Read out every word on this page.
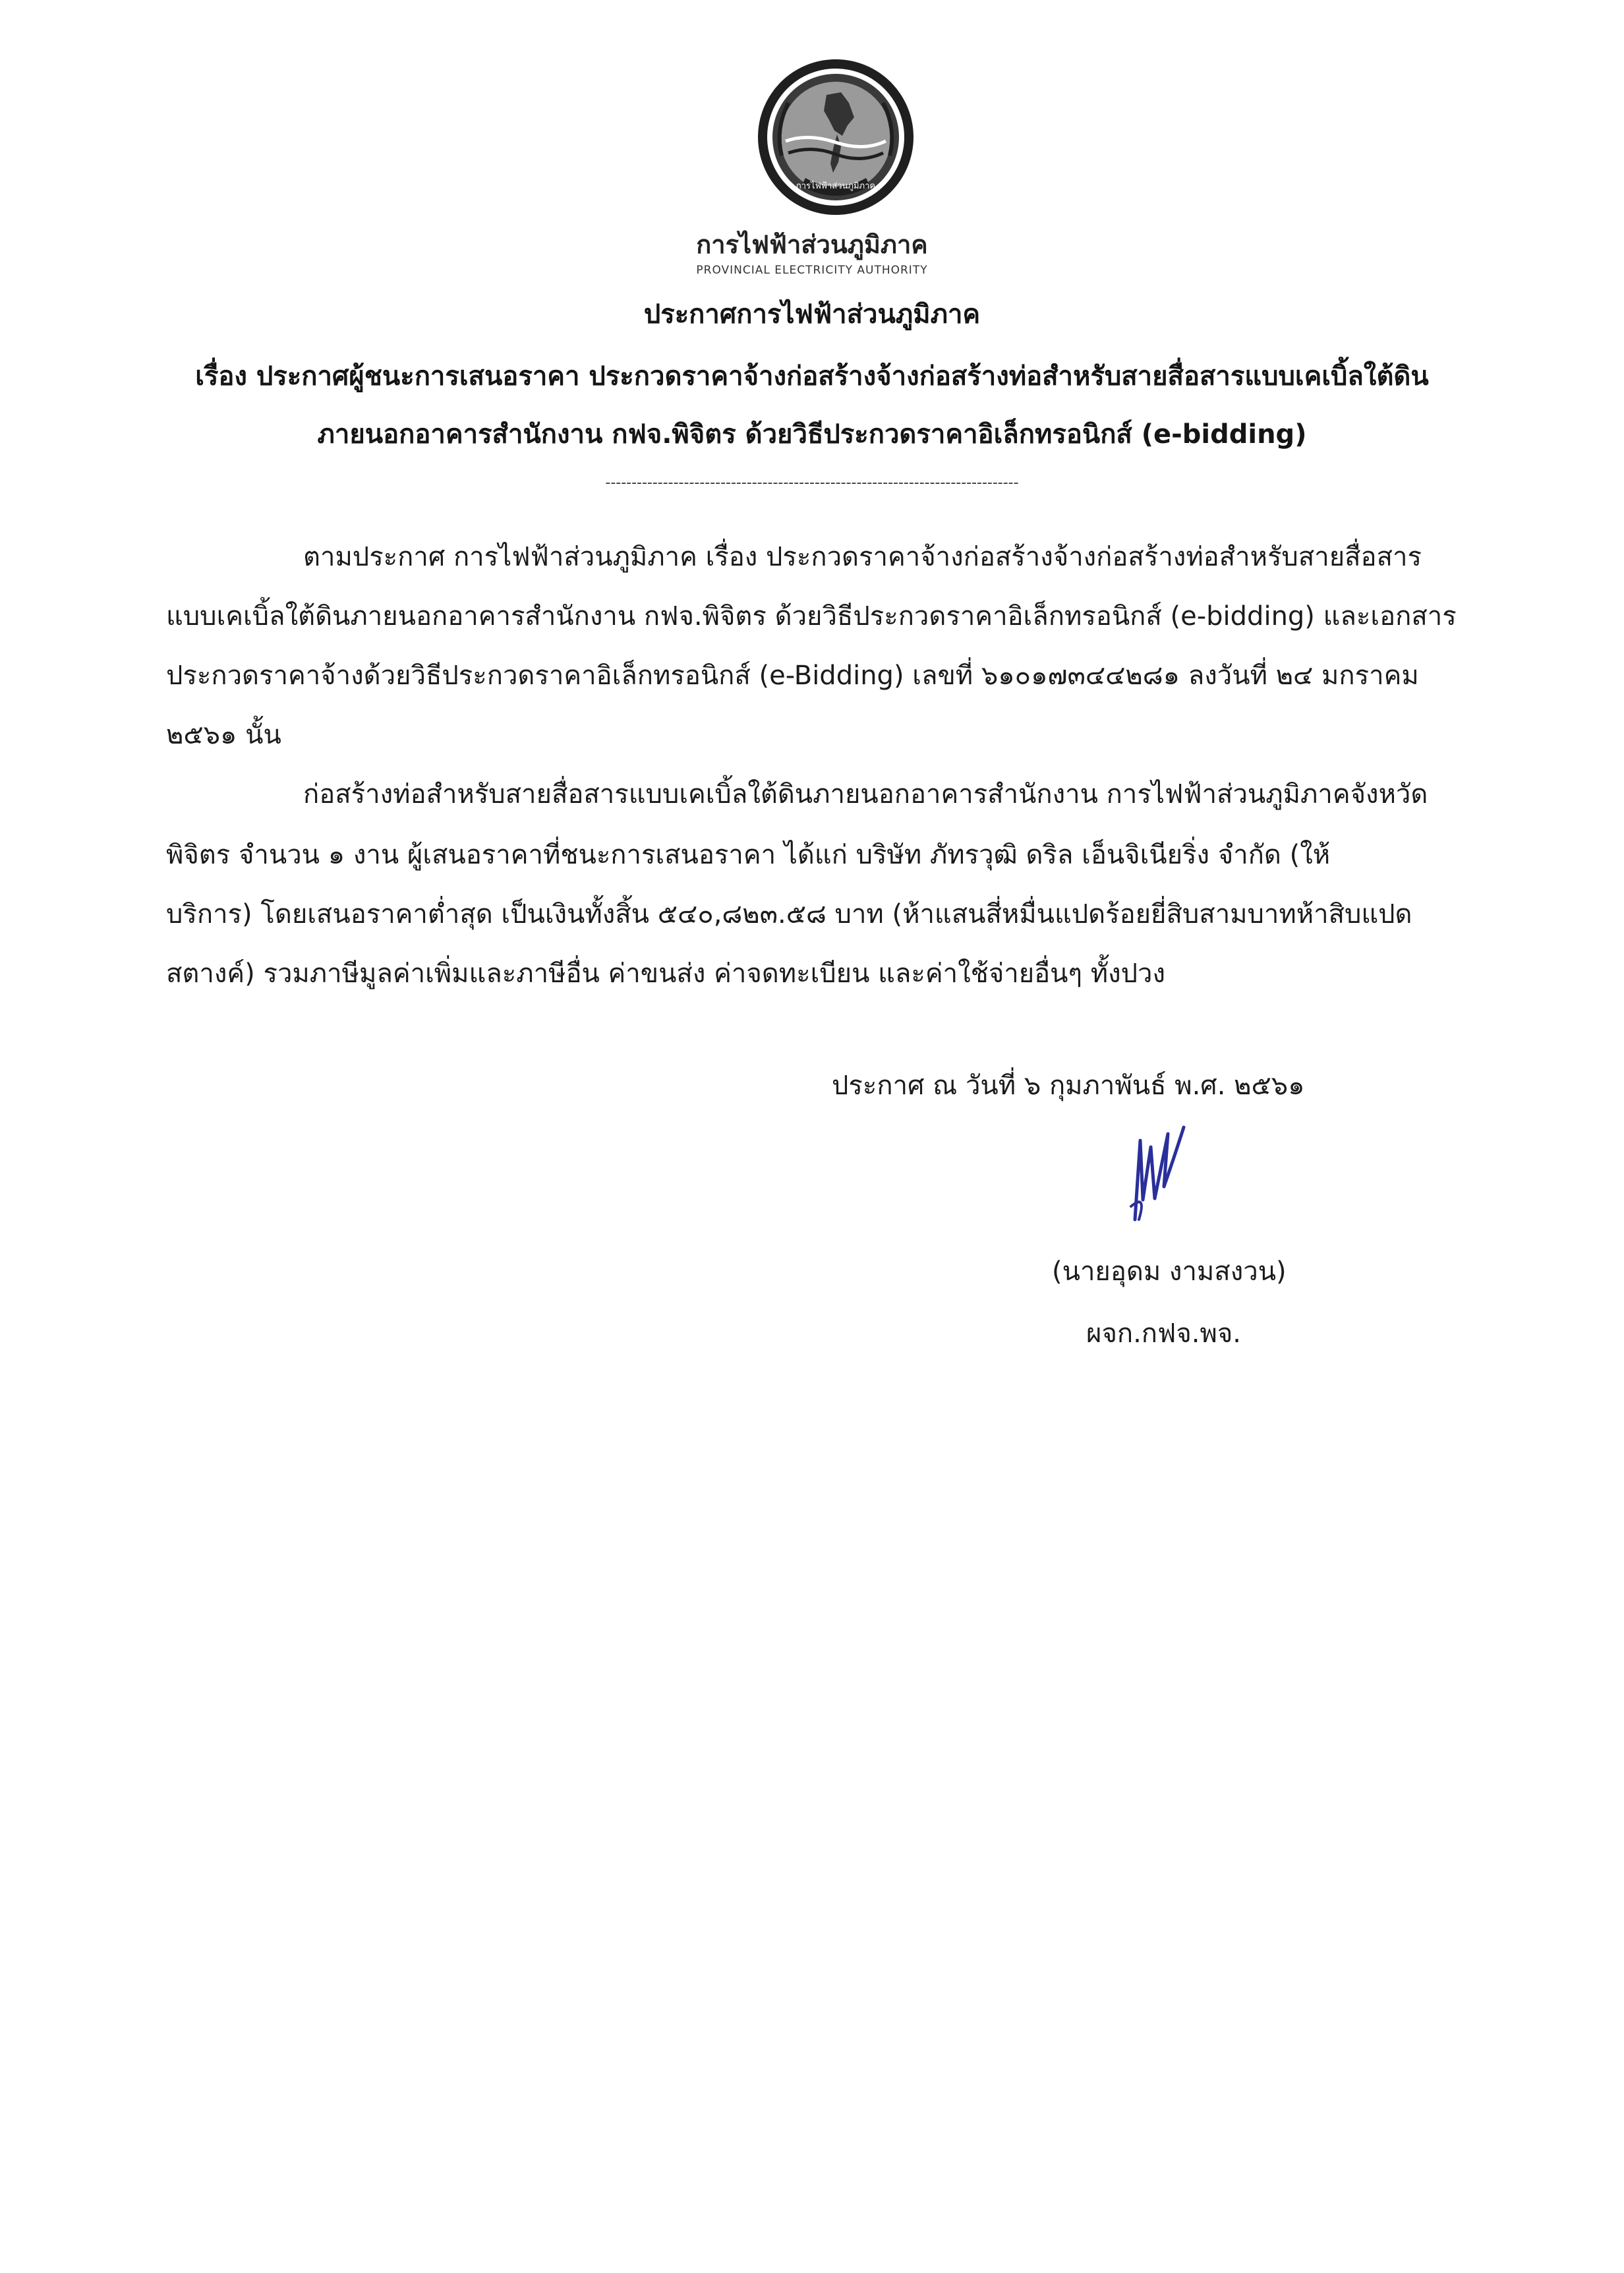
การไฟฟ้าส่วนภูมิภาค
การไฟฟ้าส่วนภูมิภาค
PROVINCIAL ELECTRICITY AUTHORITY
ประกาศการไฟฟ้าส่วนภูมิภาค
เรื่อง ประกาศผู้ชนะการเสนอราคา ประกวดราคาจ้างก่อสร้างจ้างก่อสร้างท่อสำหรับสายสื่อสารแบบเคเบิ้ลใต้ดิน
ภายนอกอาคารสำนักงาน กฟจ.พิจิตร ด้วยวิธีประกวดราคาอิเล็กทรอนิกส์ (e-bidding)
-------------------------------------------------------------------------------
ตามประกาศ การไฟฟ้าส่วนภูมิภาค เรื่อง ประกวดราคาจ้างก่อสร้างจ้างก่อสร้างท่อสำหรับสายสื่อสาร
แบบเคเบิ้ลใต้ดินภายนอกอาคารสำนักงาน กฟจ.พิจิตร ด้วยวิธีประกวดราคาอิเล็กทรอนิกส์ (e-bidding) และเอกสาร
ประกวดราคาจ้างด้วยวิธีประกวดราคาอิเล็กทรอนิกส์ (e-Bidding) เลขที่ ๖๑๐๑๗๓๔๔๒๘๑ ลงวันที่ ๒๔ มกราคม
๒๕๖๑ นั้น
ก่อสร้างท่อสำหรับสายสื่อสารแบบเคเบิ้ลใต้ดินภายนอกอาคารสำนักงาน การไฟฟ้าส่วนภูมิภาคจังหวัด
พิจิตร จำนวน ๑ งาน ผู้เสนอราคาที่ชนะการเสนอราคา ได้แก่ บริษัท ภัทรวุฒิ ดริล เอ็นจิเนียริ่ง จำกัด (ให้
บริการ) โดยเสนอราคาต่ำสุด เป็นเงินทั้งสิ้น ๕๔๐,๘๒๓.๕๘ บาท (ห้าแสนสี่หมื่นแปดร้อยยี่สิบสามบาทห้าสิบแปด
สตางค์) รวมภาษีมูลค่าเพิ่มและภาษีอื่น ค่าขนส่ง ค่าจดทะเบียน และค่าใช้จ่ายอื่นๆ ทั้งปวง
ประกาศ ณ วันที่ ๖ กุมภาพันธ์ พ.ศ. ๒๕๖๑
(นายอุดม งามสงวน)
ผจก.กฟจ.พจ.
